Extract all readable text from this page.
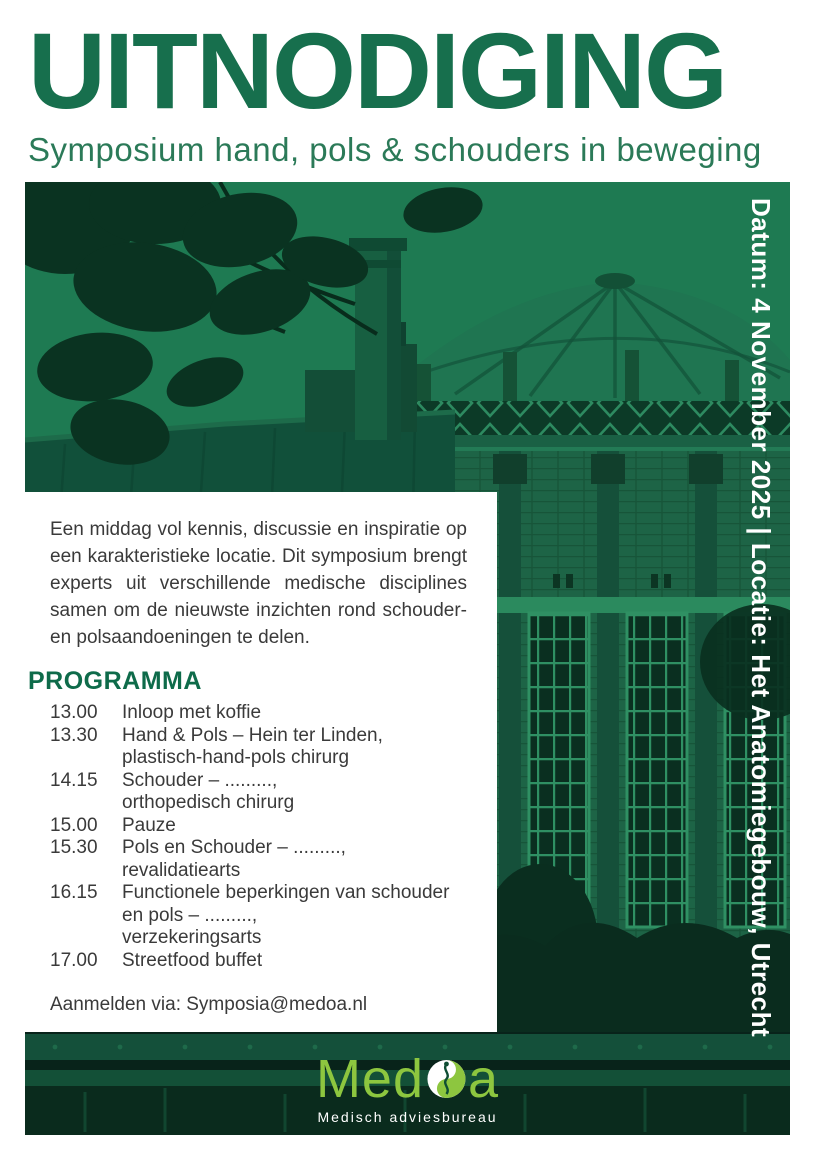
UITNODIGING
Symposium hand, pols & schouders in beweging
Datum: 4 November 2025 | Locatie: Het Anatomiegebouw, Utrecht
Med a
Medisch adviesbureau

Een middag vol kennis, discussie en inspiratie op een karakteristieke locatie. Dit symposium brengt experts uit verschillende medische disciplines samen om de nieuwste inzichten rond schouder- en polsaandoeningen te delen.

PROGRAMMA
13.00	Inloop met koffie
13.30	Hand & Pols – Hein ter Linden,
plastisch-hand-pols chirurg
14.15	Schouder – .........,
orthopedisch chirurg
15.00	Pauze
15.30	Pols en Schouder – .........,
revalidatiearts
16.15	Functionele beperkingen van schouder
en pols – .........,
verzekeringsarts
17.00	Streetfood buffet

Aanmelden via: Symposia@medoa.nl
